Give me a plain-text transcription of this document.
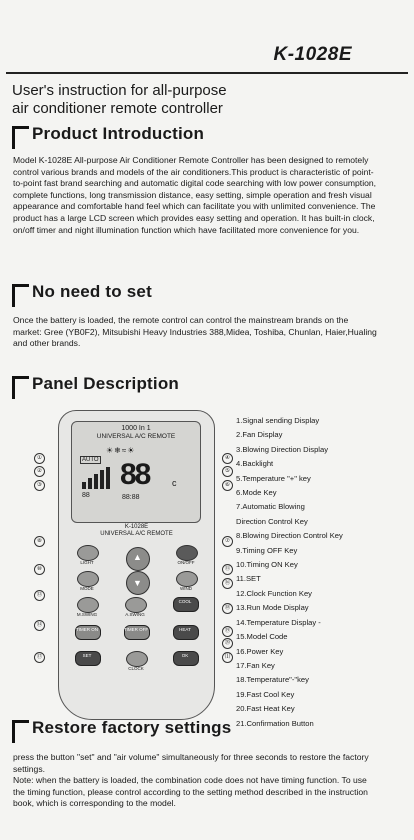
K-1028E
User's instruction for all-purpose
air conditioner remote controller
Product Introduction

Model K-1028E All-purpose Air Conditioner Remote Controller has been designed to remotely control various brands and models of the air conditioners.This product is characteristic of point-to-point fast brand searching and automatic digital code searching with low power consumption, complete functions, long transmission distance, easy setting, simple operation and fresh visual appearance and comfortable hand feel which can facilitate you with unlimited convenience. The product has a large LCD screen which provides easy setting and operation. It has built-in clock, on/off timer and night illumination function which have facilitated more convenience for you.

No need to set

Once the battery is loaded, the remote control can control the mainstream brands on the market: Gree (YB0F2), Mitsubishi Heavy Industries 388,Midea, Toshiba, Chunlan, Haier,Hualing and other brands.

Panel Description
1000 In 1
UNIVERSAL A/C REMOTE
☀❄≈☀
AUTO 88	c
88	88:88
K-1028E
UNIVERSAL A/C REMOTE
LIGHT	ON/OFF
▲
▼
MODE	WIND
M.SWING	A.SWING
COOL
TIMER ON	TIMER OFF	HEAT
SET
CLOCK
OK
①
②
③
⑧
⑩
⑬
⑭
⑰
④
⑤
⑥
⑦
⑮
⑯
⑱
⑲
⑳
⑴
1.Signal sending Display
2.Fan Display
3.Blowing Direction Display
4.Backlight
5.Temperature "+" key
6.Mode Key
7.Automatic Blowing
Direction Control Key
8.Blowing Direction Control Key
9.Timing OFF Key
10.Timing ON Key
11.SET
12.Clock Function Key
13.Run Mode Display
14.Temperature Display -
15.Model Code
16.Power Key
17.Fan Key
18.Temperature"-"key
19.Fast Cool Key
20.Fast Heat Key
21.Confirmation Button
Restore factory settings

press the button "set" and "air volume" simultaneously for three seconds to restore the factory settings.

Note: when the battery is loaded, the combination code does not have timing function. To use the timing function, please control according to the setting method described in the instruction book, which is corresponding to the model.
